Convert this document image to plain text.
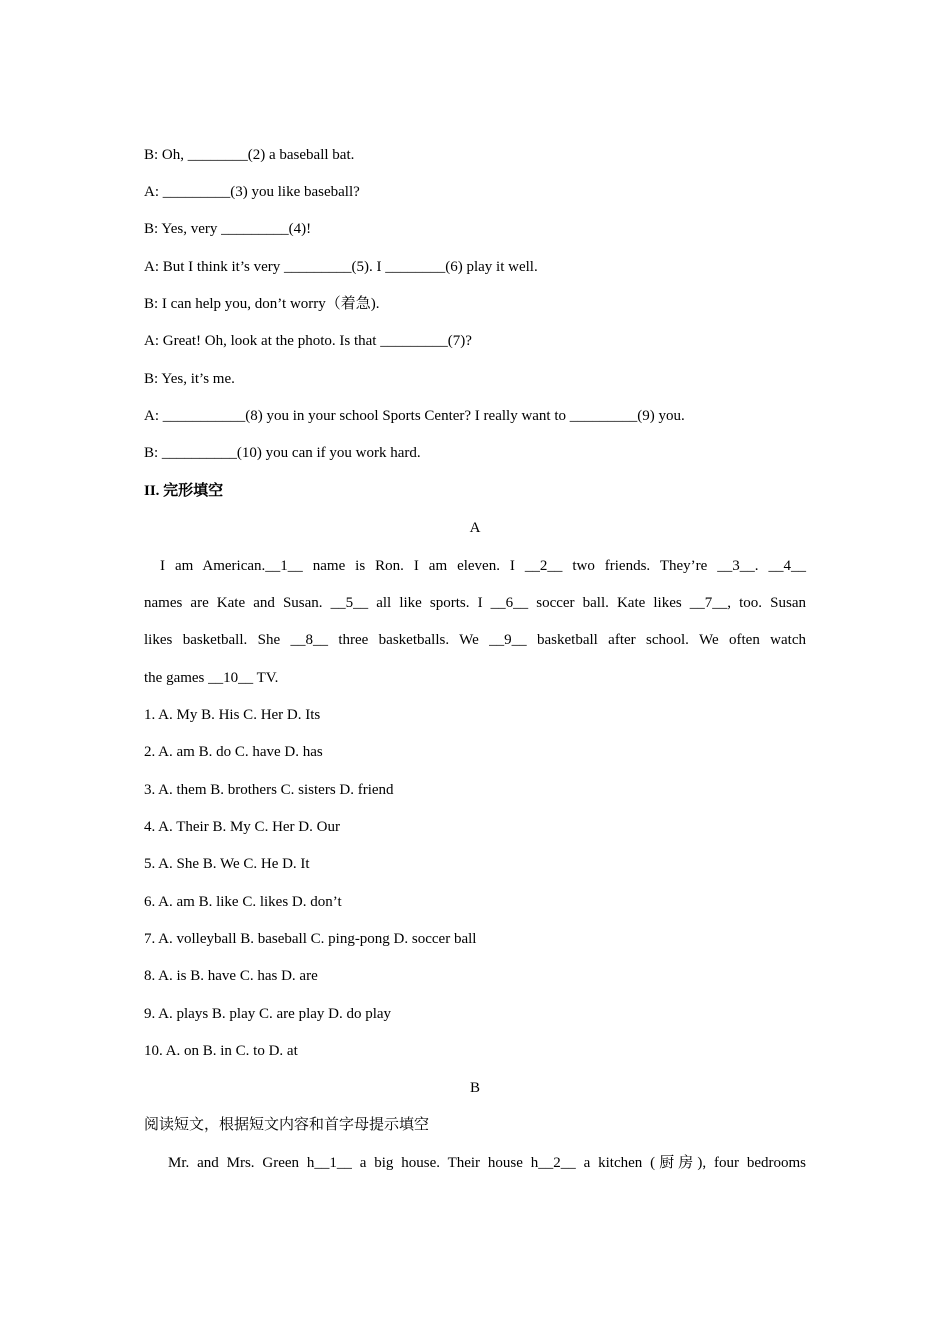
B: Oh, ________(2) a baseball bat.
A: _________(3) you like baseball?
B: Yes, very _________(4)!
A: But I think it’s very _________(5). I ________(6) play it well.
B: I can help you, don’t worry（着急).
A: Great! Oh, look at the photo. Is that _________(7)?
B: Yes, it’s me.
A: ___________(8) you in your school Sports Center? I really want to _________(9) you.
B: __________(10) you can if you work hard.
II. 完形填空
A
I am American.__1__ name is Ron. I am eleven. I __2__ two friends. They’re __3__. __4__
names are Kate and Susan. __5__ all like sports. I __6__ soccer ball. Kate likes __7__, too. Susan
likes basketball. She __8__ three basketballs. We __9__ basketball after school. We often watch
the games __10__ TV.
1. A. My B. His C. Her D. Its
2. A. am B. do C. have D. has
3. A. them B. brothers C. sisters D. friend
4. A. Their B. My C. Her D. Our
5. A. She B. We C. He D. It
6. A. am B. like C. likes D. don’t
7. A. volleyball B. baseball C. ping-pong D. soccer ball
8. A. is B. have C. has D. are
9. A. plays B. play C. are play D. do play
10. A. on B. in C. to D. at
B
阅读短文，根据短文内容和首字母提示填空
Mr. and Mrs. Green h__1__ a big house. Their house h__2__ a kitchen (厨房), four bedrooms
